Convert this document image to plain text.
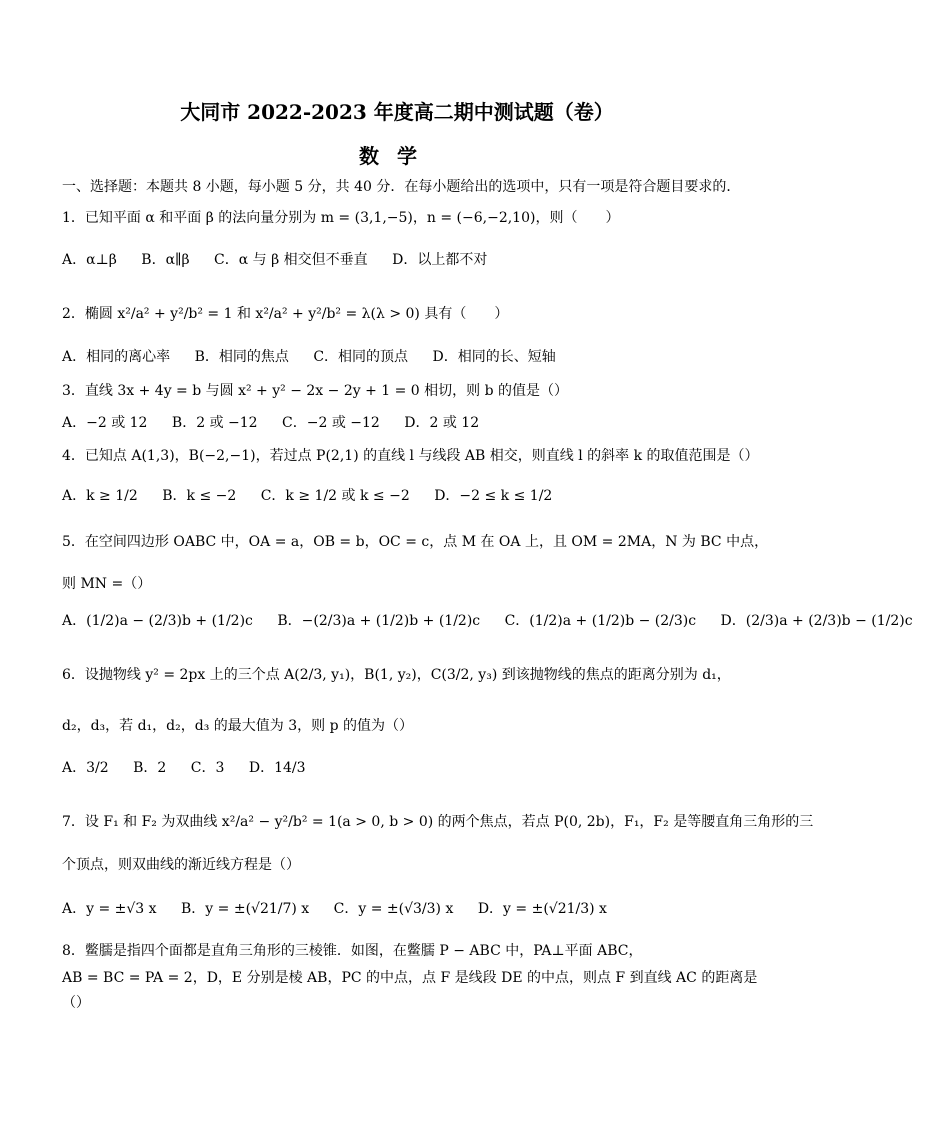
大同市 2022-2023 年度高二期中测试题（卷）
数学
一、选择题：本题共 8 小题，每小题 5 分，共 40 分．在每小题给出的选项中，只有一项是符合题目要求的．
1．已知平面 α 和平面 β 的法向量分别为 m = (3,1,−5)，n = (−6,−2,10)，则（　　）
A．α⊥β B．α∥β C．α 与 β 相交但不垂直 D．以上都不对
2．椭圆 x²/a² + y²/b² = 1 和 x²/a² + y²/b² = λ(λ > 0) 具有（　　）
A．相同的离心率 B．相同的焦点 C．相同的顶点 D．相同的长、短轴
3．直线 3x + 4y = b 与圆 x² + y² − 2x − 2y + 1 = 0 相切，则 b 的值是（）
A．−2 或 12 B．2 或 −12 C．−2 或 −12 D．2 或 12
4．已知点 A(1,3)，B(−2,−1)，若过点 P(2,1) 的直线 l 与线段 AB 相交，则直线 l 的斜率 k 的取值范围是（）
A．k ≥ 1/2 B．k ≤ −2 C．k ≥ 1/2 或 k ≤ −2 D．−2 ≤ k ≤ 1/2
5．在空间四边形 OABC 中，OA = a，OB = b，OC = c，点 M 在 OA 上，且 OM = 2MA，N 为 BC 中点，
则 MN =（）
A．(1/2)a − (2/3)b + (1/2)c B．−(2/3)a + (1/2)b + (1/2)c C．(1/2)a + (1/2)b − (2/3)c D．(2/3)a + (2/3)b − (1/2)c
6．设抛物线 y² = 2px 上的三个点 A(2/3, y₁)，B(1, y₂)，C(3/2, y₃) 到该抛物线的焦点的距离分别为 d₁，
d₂，d₃，若 d₁，d₂，d₃ 的最大值为 3，则 p 的值为（）
A．3/2 B．2 C．3 D．14/3
7．设 F₁ 和 F₂ 为双曲线 x²/a² − y²/b² = 1(a > 0, b > 0) 的两个焦点，若点 P(0, 2b)，F₁，F₂ 是等腰直角三角形的三
个顶点，则双曲线的渐近线方程是（）
A．y = ±√3 x B．y = ±(√21/7) x C．y = ±(√3/3) x D．y = ±(√21/3) x
8．鳖臑是指四个面都是直角三角形的三棱锥．如图，在鳖臑 P − ABC 中，PA⊥平面 ABC，
AB = BC = PA = 2，D，E 分别是棱 AB，PC 的中点，点 F 是线段 DE 的中点，则点 F 到直线 AC 的距离是
（）
